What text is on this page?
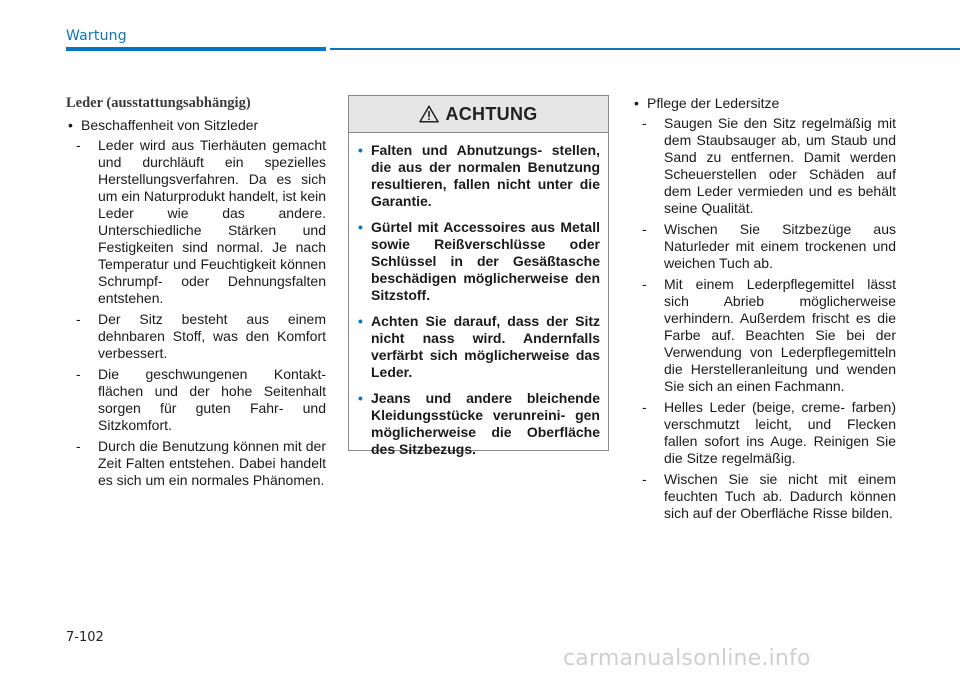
Wartung
Leder (ausstattungsabhängig)
• Beschaffenheit von Sitzleder
- Leder wird aus Tierhäuten gemacht und durchläuft ein spezielles Herstellungsverfahren. Da es sich um ein Naturprodukt handelt, ist kein Leder wie das andere. Unterschiedliche Stärken und Festigkeiten sind normal. Je nach Temperatur und Feuchtigkeit können Schrumpf- oder Dehnungsfalten entstehen.
- Der Sitz besteht aus einem dehnbaren Stoff, was den Komfort verbessert.
- Die geschwungenen Kontakt- flächen und der hohe Seitenhalt sorgen für guten Fahr- und Sitzkomfort.
- Durch die Benutzung können mit der Zeit Falten entstehen. Dabei handelt es sich um ein normales Phänomen.
ACHTUNG
• Falten und Abnutzungs- stellen, die aus der normalen Benutzung resultieren, fallen nicht unter die Garantie.
• Gürtel mit Accessoires aus Metall sowie Reißverschlüsse oder Schlüssel in der Gesäßtasche beschädigen möglicherweise den Sitzstoff.
• Achten Sie darauf, dass der Sitz nicht nass wird. Andernfalls verfärbt sich möglicherweise das Leder.
• Jeans und andere bleichende Kleidungsstücke verunreini- gen möglicherweise die Oberfläche des Sitzbezugs.
• Pflege der Ledersitze
- Saugen Sie den Sitz regelmäßig mit dem Staubsauger ab, um Staub und Sand zu entfernen. Damit werden Scheuerstellen oder Schäden auf dem Leder vermieden und es behält seine Qualität.
- Wischen Sie Sitzbezüge aus Naturleder mit einem trockenen und weichen Tuch ab.
- Mit einem Lederpflegemittel lässt sich Abrieb möglicherweise verhindern. Außerdem frischt es die Farbe auf. Beachten Sie bei der Verwendung von Lederpflegemitteln die Herstelleranleitung und wenden Sie sich an einen Fachmann.
- Helles Leder (beige, creme- farben) verschmutzt leicht, und Flecken fallen sofort ins Auge. Reinigen Sie die Sitze regelmäßig.
- Wischen Sie sie nicht mit einem feuchten Tuch ab. Dadurch können sich auf der Oberfläche Risse bilden.
7-102
carmanualsonline.info
